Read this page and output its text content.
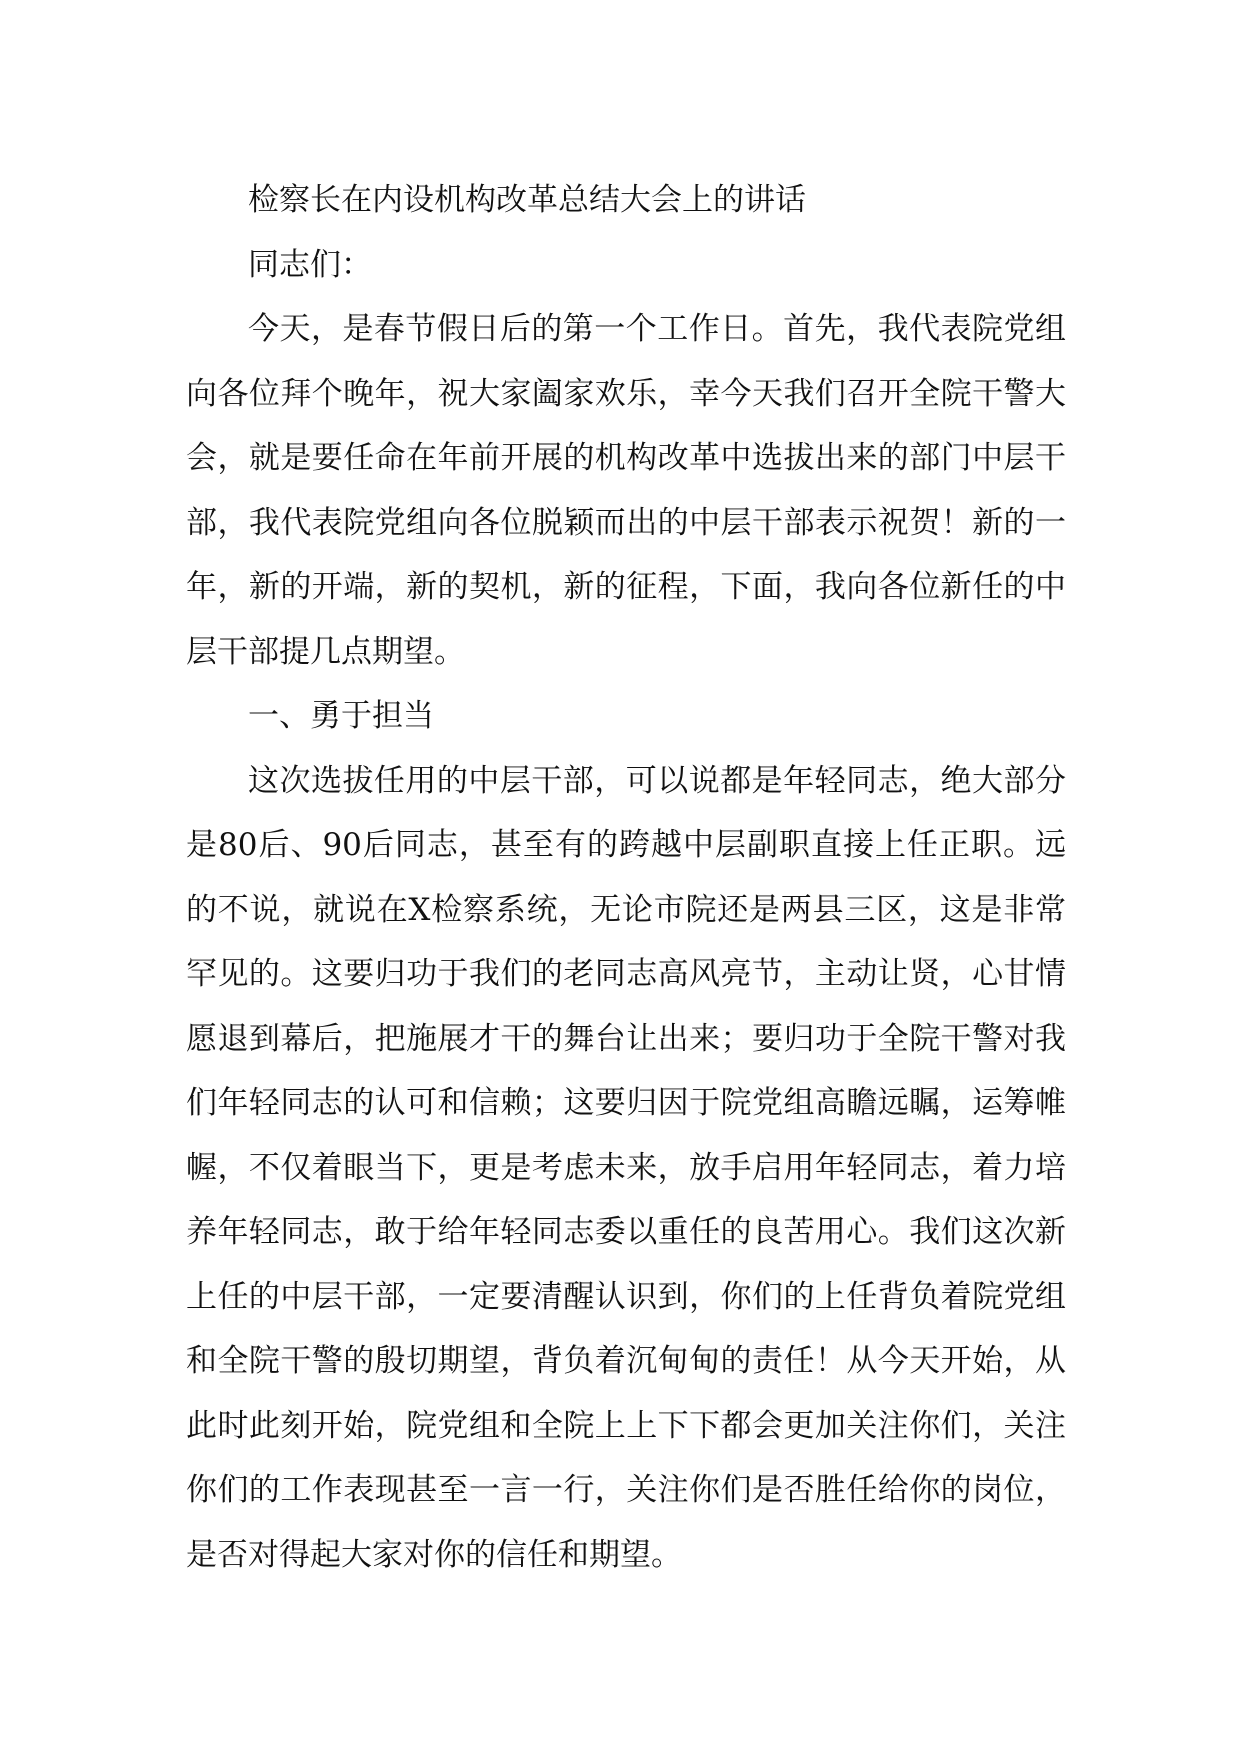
检察长在内设机构改革总结大会上的讲话

同志们：

今天，是春节假日后的第一个工作日。首先，我代表院党组向各位拜个晚年，祝大家阖家欢乐，幸今天我们召开全院干警大会，就是要任命在年前开展的机构改革中选拔出来的部门中层干部，我代表院党组向各位脱颖而出的中层干部表示祝贺！新的一年，新的开端，新的契机，新的征程，下面，我向各位新任的中层干部提几点期望。

一、勇于担当

这次选拔任用的中层干部，可以说都是年轻同志，绝大部分是80后、90后同志，甚至有的跨越中层副职直接上任正职。远的不说，就说在X检察系统，无论市院还是两县三区，这是非常罕见的。这要归功于我们的老同志高风亮节，主动让贤，心甘情愿退到幕后，把施展才干的舞台让出来；要归功于全院干警对我们年轻同志的认可和信赖；这要归因于院党组高瞻远瞩，运筹帷幄，不仅着眼当下，更是考虑未来，放手启用年轻同志，着力培养年轻同志，敢于给年轻同志委以重任的良苦用心。我们这次新上任的中层干部，一定要清醒认识到，你们的上任背负着院党组和全院干警的殷切期望，背负着沉甸甸的责任！从今天开始，从此时此刻开始，院党组和全院上上下下都会更加关注你们，关注你们的工作表现甚至一言一行，关注你们是否胜任给你的岗位，是否对得起大家对你的信任和期望。
